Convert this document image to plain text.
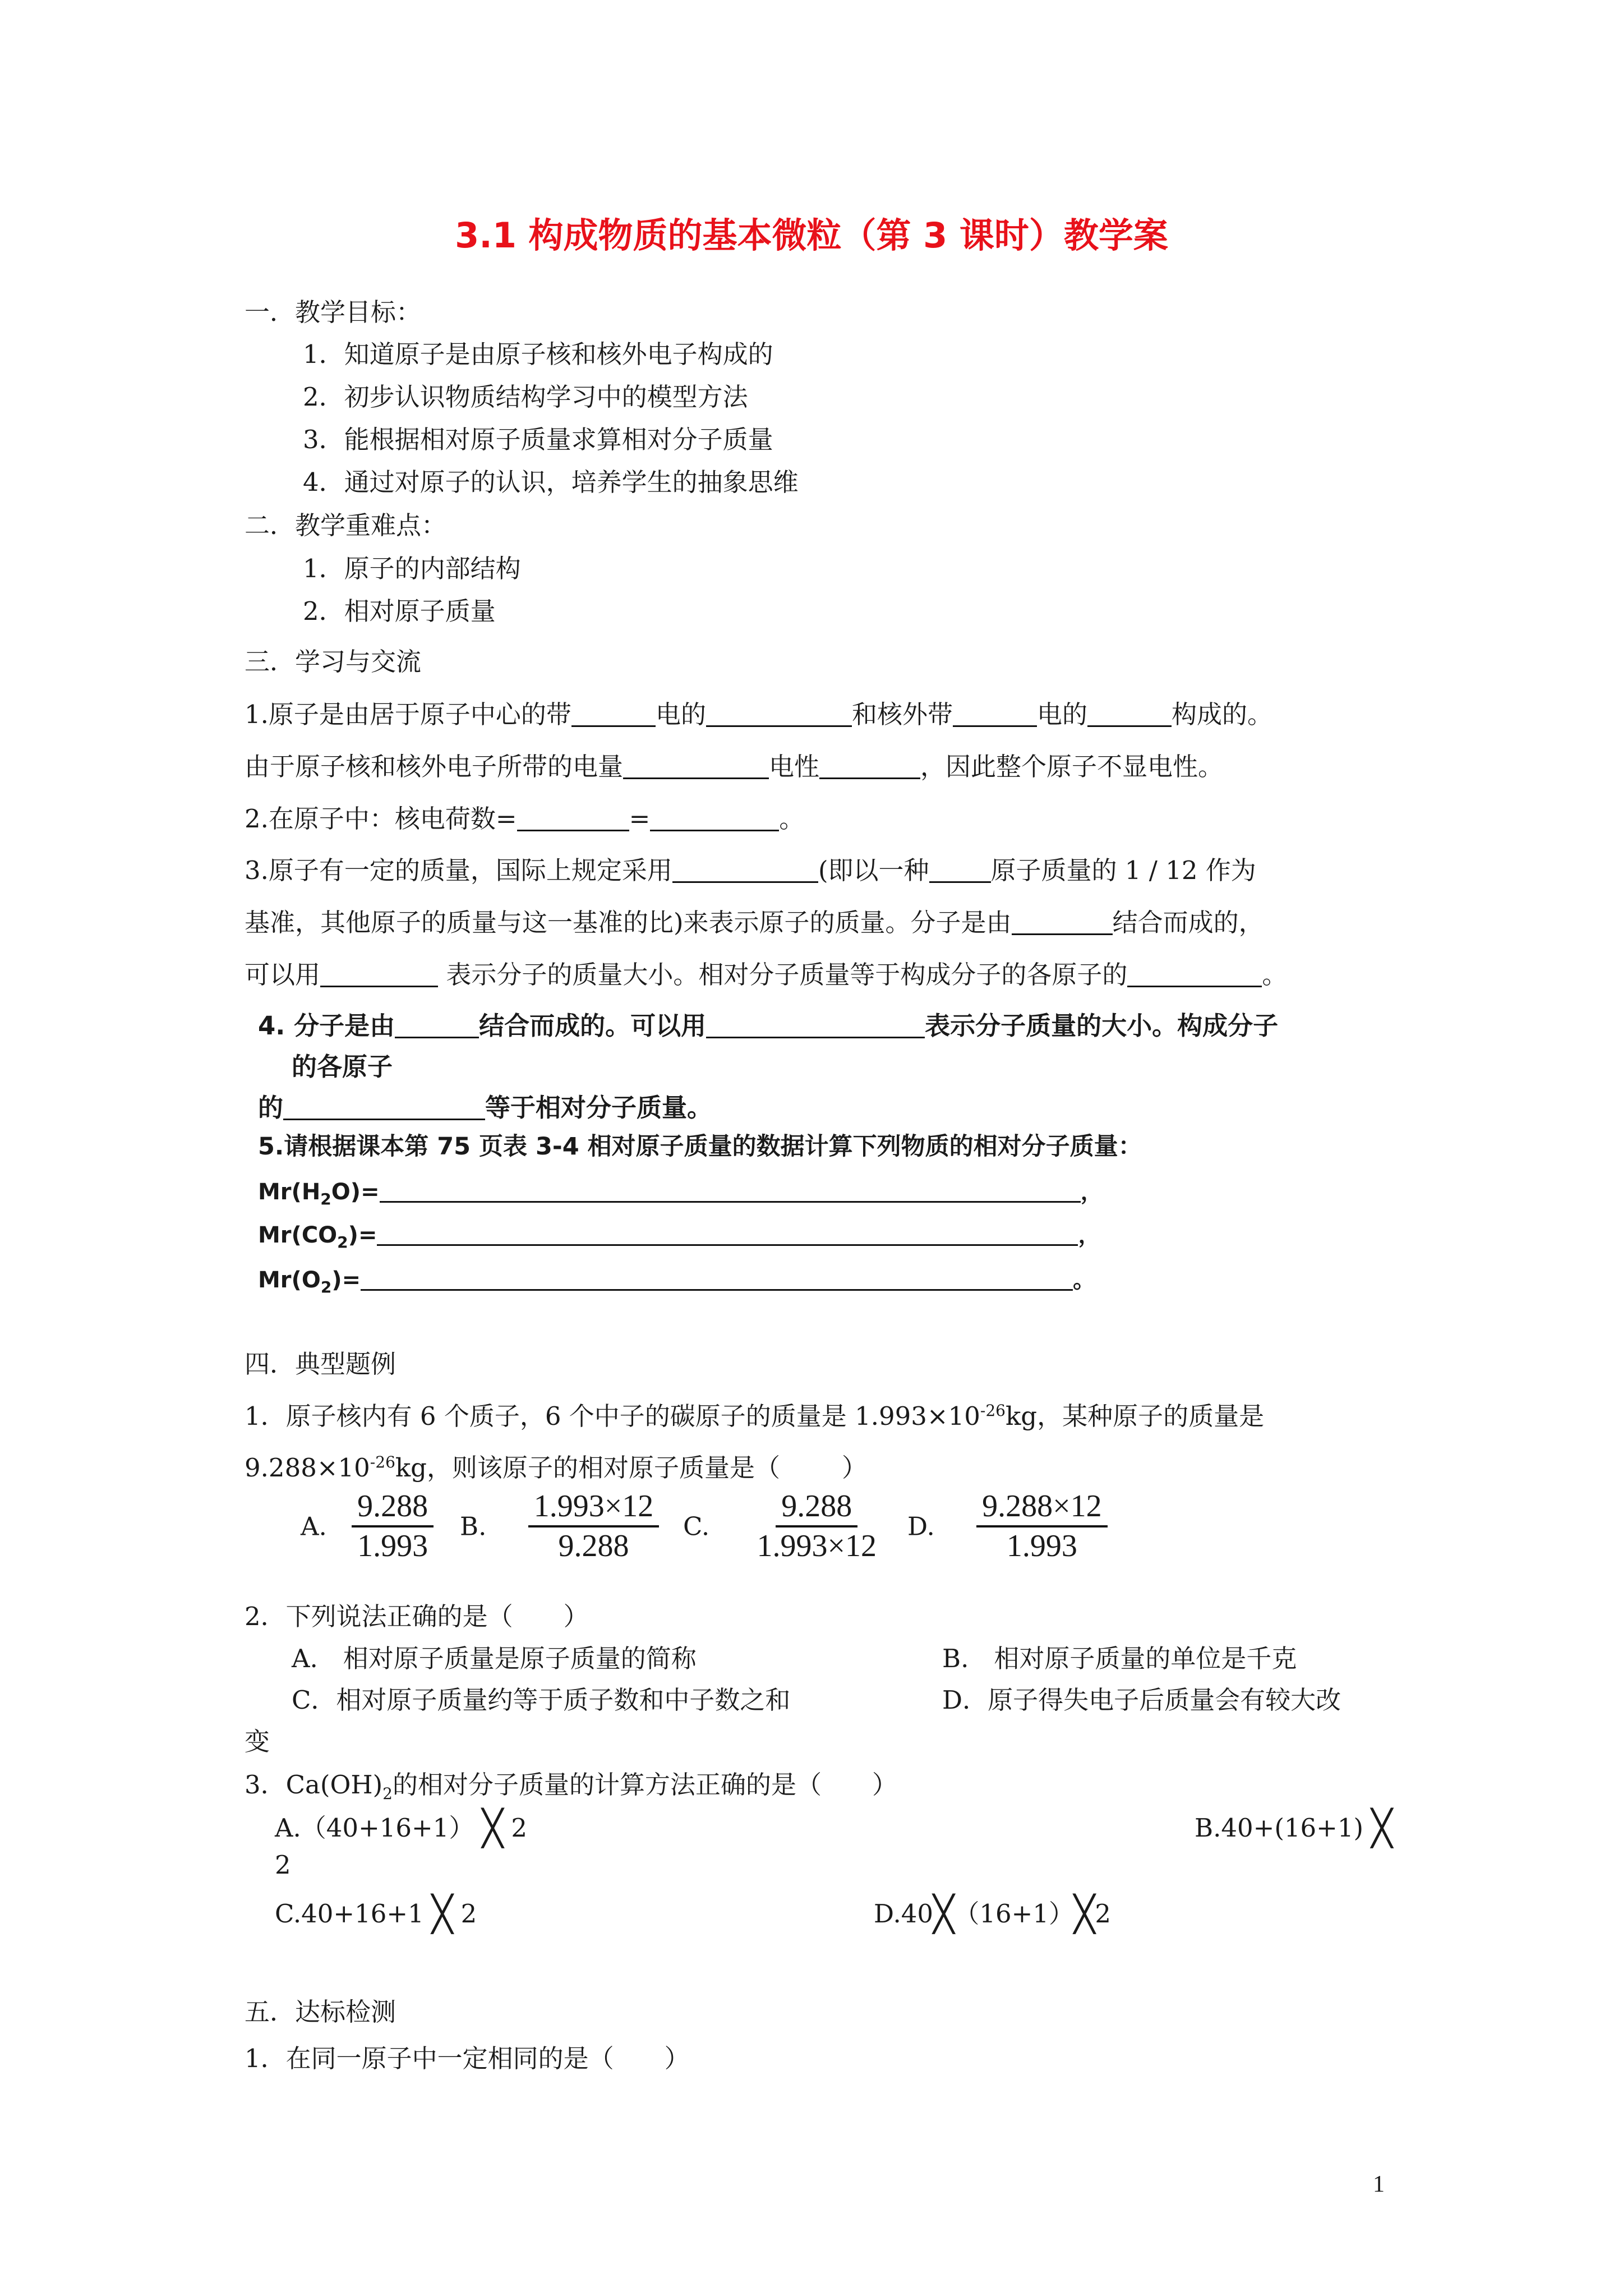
3.1 构成物质的基本微粒（第 3 课时）教学案
一．教学目标：
1．知道原子是由原子核和核外电子构成的
2．初步认识物质结构学习中的模型方法
3．能根据相对原子质量求算相对分子质量
4．通过对原子的认识，培养学生的抽象思维
二．教学重难点：
1．原子的内部结构
2．相对原子质量
三．学习与交流
1.原子是由居于原子中心的带	电的	和核外带	电的	构成的。
由于原子核和核外电子所带的电量	电性	，因此整个原子不显电性。
2.在原子中：核电荷数=	=	。
3.原子有一定的质量，国际上规定采用	(即以一种 原子质量的 1 / 12 作为
基准，其他原子的质量与这一基准的比)来表示原子的质量。分子是由	结合而成的，
可以用	表示分子的质量大小。相对分子质量等于构成分子的各原子的	。
4. 分子是由	结合而成的。可以用	表示分子质量的大小。构成分子
的各原子
的	等于相对分子质量。
5.请根据课本第 75 页表 3-4 相对原子质量的数据计算下列物质的相对分子质量：
$Mr(H_2O)=$	，
$Mr(CO_2)=$	，
$Mr(O_2)=$	。
四．典型题例
1．原子核内有 6 个质子，6 个中子的碳原子的质量是 $1.993\times 10^{-26}kg$，某种原子的质量是
$9.288\times 10^{-26}kg$，则该原子的相对原子质量是（ ）
A. $\frac{9.288}{1.993} B$. $\frac{1.993\times 12}{9.288} C$. $\frac{9.288}{1.993\times 12} D$. $\frac{9.288\times 12}{1.993}$
2．下列说法正确的是（　　）
A.　相对原子质量是原子质量的简称	B.　相对原子质量的单位是千克
C．相对原子质量约等于质子数和中子数之和	D．原子得失电子后质量会有较大改
变
3．$Ca(OH)_2$的相对分子质量的计算方法正确的是（　　）
A.（40+16+1） ╳ 2	B.40+(16+1) ╳
2
C.40+16+1 ╳ 2	D.40╳（16+1）╳2
五．达标检测
1．在同一原子中一定相同的是（　　）
1
